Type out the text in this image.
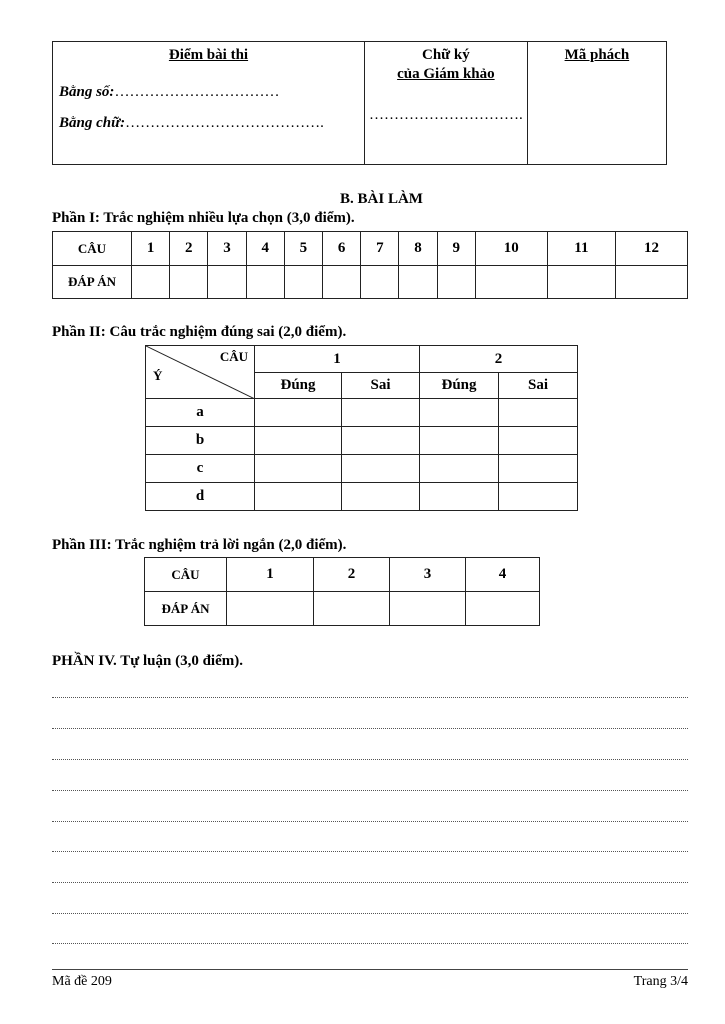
Điểm bài thi
Bằng số:……………………………
Bằng chữ:………………………………….

Chữ ký
của Giám khảo
………………………….

Mã phách
B. BÀI LÀM
Phần I: Trắc nghiệm nhiều lựa chọn (3,0 điểm).
CÂU	1	2	3	4	5	6	7	8	9	10	11	12
ĐÁP ÁN												
Phần II: Câu trắc nghiệm đúng sai (2,0 điểm).
CÂU
Ý	1		2	
	Đúng	Sai	Đúng	Sai
a				
b				
c				
d				
Phần III: Trắc nghiệm trả lời ngắn (2,0 điểm).
CÂU	1	2	3	4
ĐÁP ÁN				
PHẦN IV. Tự luận (3,0 điểm).
Mã đề 209	Trang 3/4
